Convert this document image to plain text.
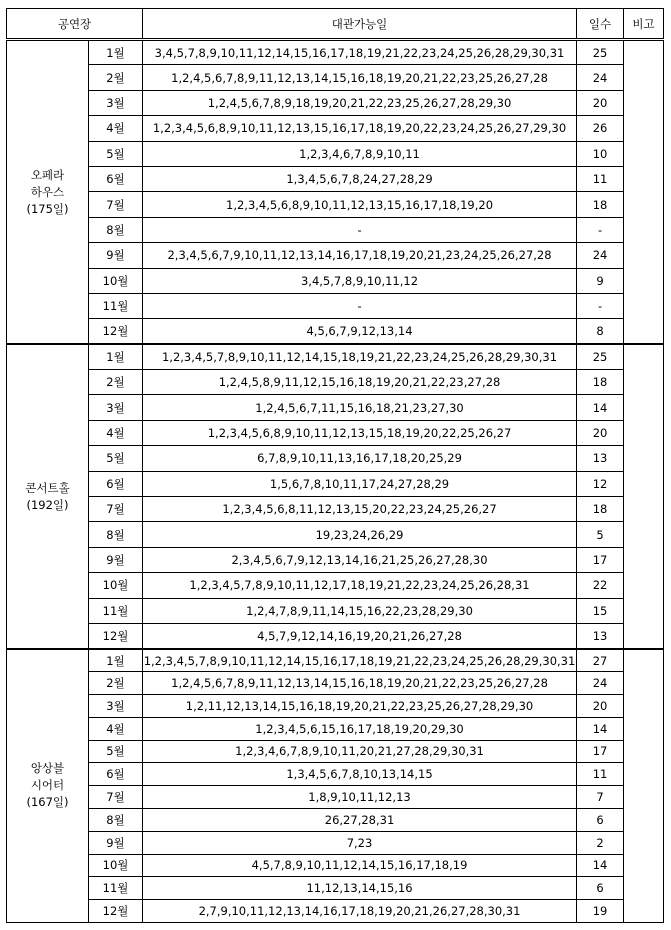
공연장		대관가능일	일수	비고

오페라
하우스
(175일)	1월	3,4,5,7,8,9,10,11,12,14,15,16,17,18,19,21,22,23,24,25,26,28,29,30,31	25	
	2월	1,2,4,5,6,7,8,9,11,12,13,14,15,16,18,19,20,21,22,23,25,26,27,28	24	
	3월	1,2,4,5,6,7,8,9,18,19,20,21,22,23,25,26,27,28,29,30	20	
	4월	1,2,3,4,5,6,8,9,10,11,12,13,15,16,17,18,19,20,22,23,24,25,26,27,29,30	26	
	5월	1,2,3,4,6,7,8,9,10,11	10	
	6월	1,3,4,5,6,7,8,24,27,28,29	11	
	7월	1,2,3,4,5,6,8,9,10,11,12,13,15,16,17,18,19,20	18	
	8월	-	-	
	9월	2,3,4,5,6,7,9,10,11,12,13,14,16,17,18,19,20,21,23,24,25,26,27,28	24	
	10월	3,4,5,7,8,9,10,11,12	9	
	11월	-	-	
	12월	4,5,6,7,9,12,13,14	8	

콘서트홀
(192일)	1월	1,2,3,4,5,7,8,9,10,11,12,14,15,18,19,21,22,23,24,25,26,28,29,30,31	25	
	2월	1,2,4,5,8,9,11,12,15,16,18,19,20,21,22,23,27,28	18	
	3월	1,2,4,5,6,7,11,15,16,18,21,23,27,30	14	
	4월	1,2,3,4,5,6,8,9,10,11,12,13,15,18,19,20,22,25,26,27	20	
	5월	6,7,8,9,10,11,13,16,17,18,20,25,29	13	
	6월	1,5,6,7,8,10,11,17,24,27,28,29	12	
	7월	1,2,3,4,5,6,8,11,12,13,15,20,22,23,24,25,26,27	18	
	8월	19,23,24,26,29	5	
	9월	2,3,4,5,6,7,9,12,13,14,16,21,25,26,27,28,30	17	
	10월	1,2,3,4,5,7,8,9,10,11,12,17,18,19,21,22,23,24,25,26,28,31	22	
	11월	1,2,4,7,8,9,11,14,15,16,22,23,28,29,30	15	
	12월	4,5,7,9,12,14,16,19,20,21,26,27,28	13	

앙상블
시어터
(167일)	1월	1,2,3,4,5,7,8,9,10,11,12,14,15,16,17,18,19,21,22,23,24,25,26,28,29,30,31	27	
	2월	1,2,4,5,6,7,8,9,11,12,13,14,15,16,18,19,20,21,22,23,25,26,27,28	24	
	3월	1,2,11,12,13,14,15,16,18,19,20,21,22,23,25,26,27,28,29,30	20	
	4월	1,2,3,4,5,6,15,16,17,18,19,20,29,30	14	
	5월	1,2,3,4,6,7,8,9,10,11,20,21,27,28,29,30,31	17	
	6월	1,3,4,5,6,7,8,10,13,14,15	11	
	7월	1,8,9,10,11,12,13	7	
	8월	26,27,28,31	6	
	9월	7,23	2	
	10월	4,5,7,8,9,10,11,12,14,15,16,17,18,19	14	
	11월	11,12,13,14,15,16	6	
	12월	2,7,9,10,11,12,13,14,16,17,18,19,20,21,26,27,28,30,31	19	
